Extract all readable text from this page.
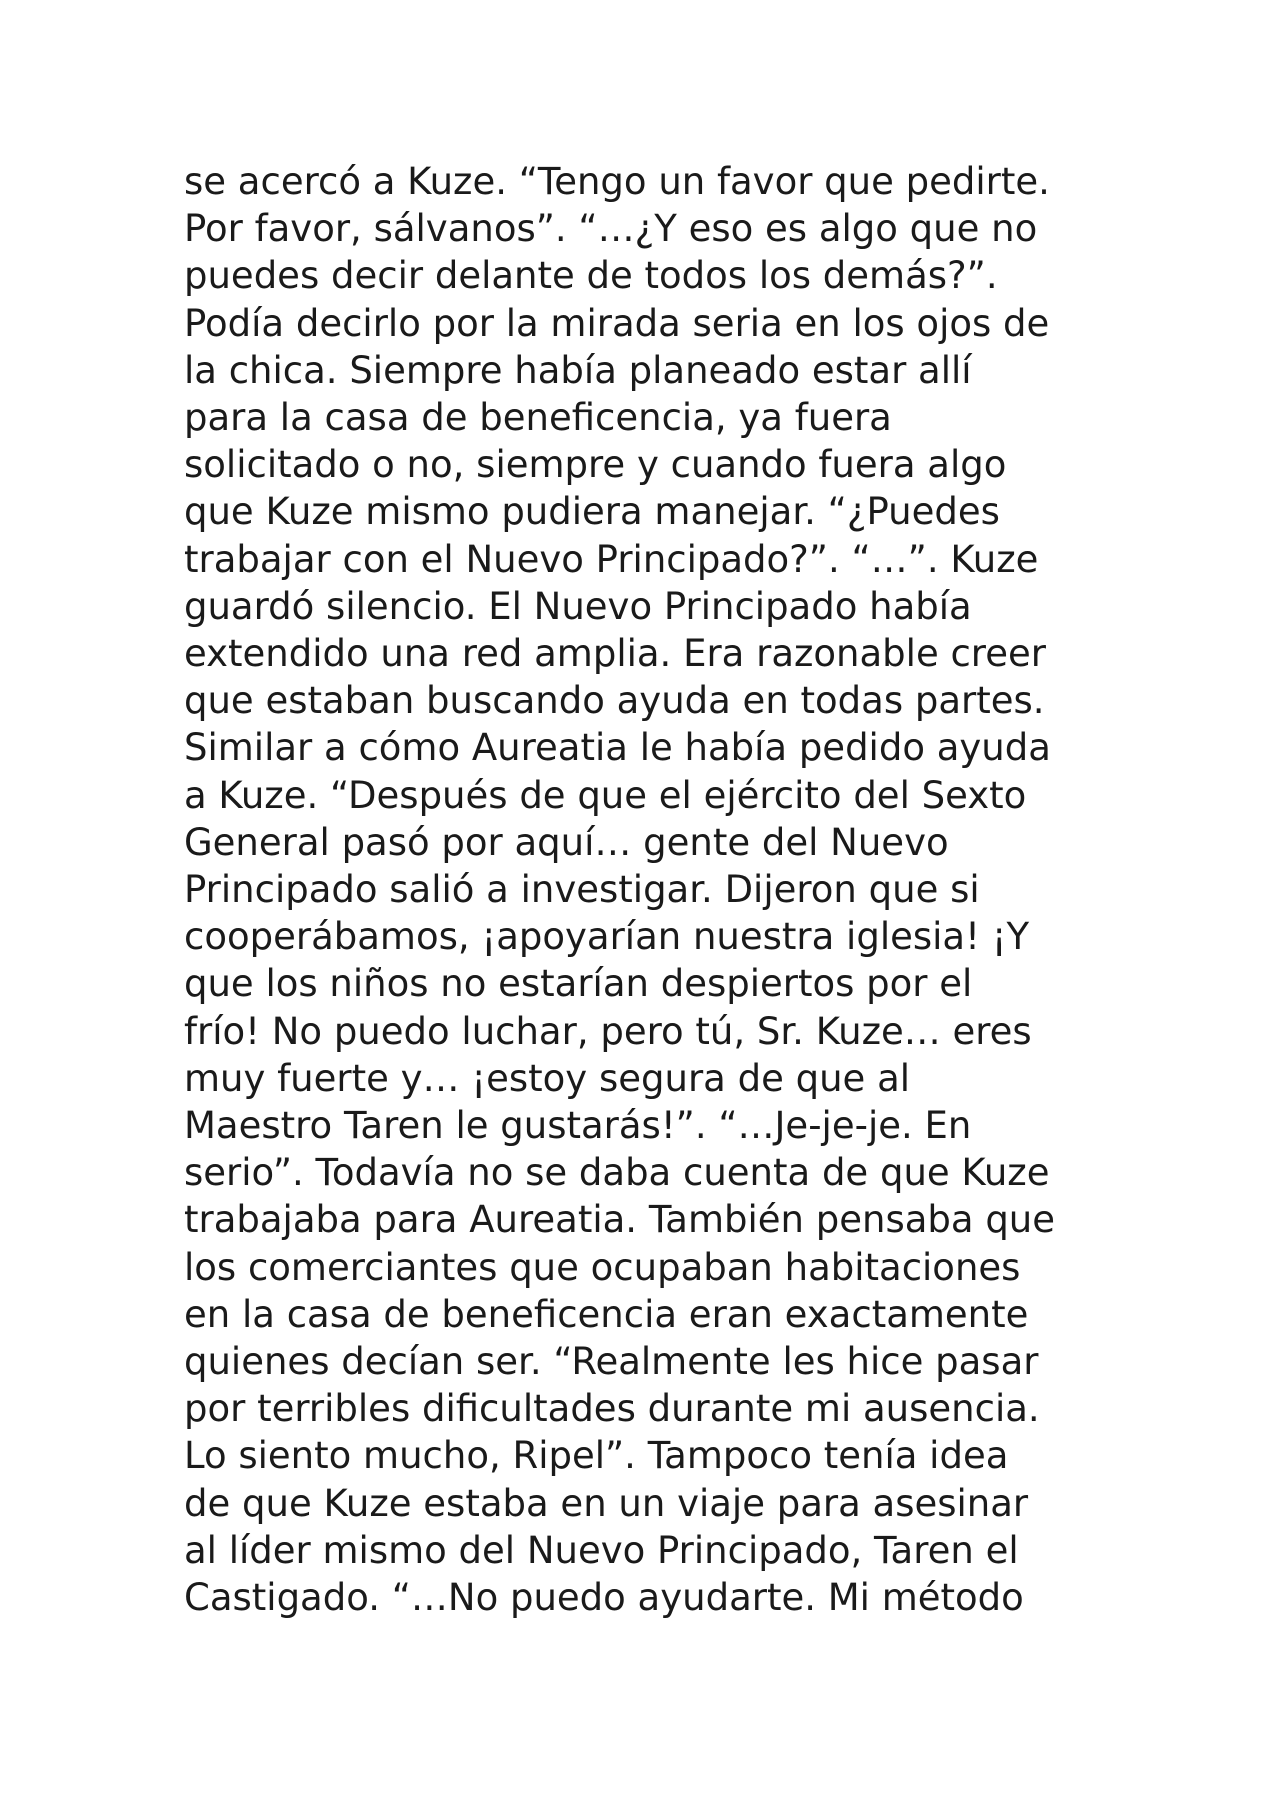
se acercó a Kuze. “Tengo un favor que pedirte.
Por favor, sálvanos”. “…¿Y eso es algo que no
puedes decir delante de todos los demás?”.
Podía decirlo por la mirada seria en los ojos de
la chica. Siempre había planeado estar allí
para la casa de beneficencia, ya fuera
solicitado o no, siempre y cuando fuera algo
que Kuze mismo pudiera manejar. “¿Puedes
trabajar con el Nuevo Principado?”. “…”. Kuze
guardó silencio. El Nuevo Principado había
extendido una red amplia. Era razonable creer
que estaban buscando ayuda en todas partes.
Similar a cómo Aureatia le había pedido ayuda
a Kuze. “Después de que el ejército del Sexto
General pasó por aquí… gente del Nuevo
Principado salió a investigar. Dijeron que si
cooperábamos, ¡apoyarían nuestra iglesia! ¡Y
que los niños no estarían despiertos por el
frío! No puedo luchar, pero tú, Sr. Kuze… eres
muy fuerte y… ¡estoy segura de que al
Maestro Taren le gustarás!”. “…Je-je-je. En
serio”. Todavía no se daba cuenta de que Kuze
trabajaba para Aureatia. También pensaba que
los comerciantes que ocupaban habitaciones
en la casa de beneficencia eran exactamente
quienes decían ser. “Realmente les hice pasar
por terribles dificultades durante mi ausencia.
Lo siento mucho, Ripel”. Tampoco tenía idea
de que Kuze estaba en un viaje para asesinar
al líder mismo del Nuevo Principado, Taren el
Castigado. “…No puedo ayudarte. Mi método
